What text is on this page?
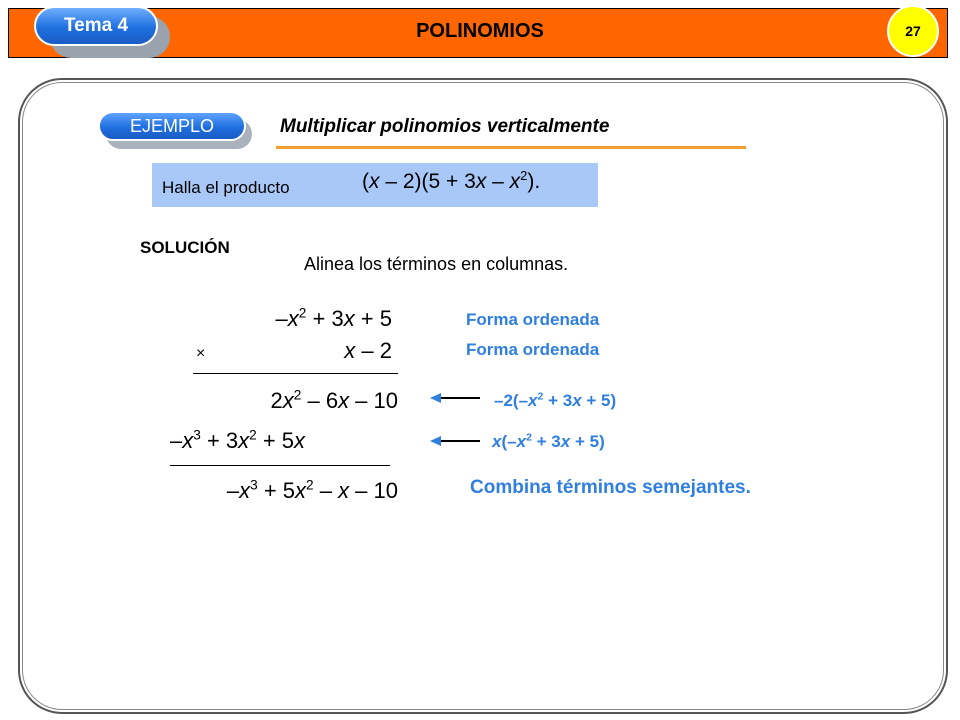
Tema 4	POLINOMIOS	27
EJEMPLO	Multiplicar polinomios verticalmente
Halla el producto	$(x - 2)(5 + 3x - x^2)$.
SOLUCIÓN
Alinea los términos en columnas.
$-x^2 + 3x + 5$
×	x – 2
$2x^2 - 6x - 10$
$-x^3 + 3x^2 + 5x$
$-x^3 + 5x^2 - x - 10$
Forma ordenada
Forma ordenada
$-2(-x^2 + 3x + 5)$
$x(-x^2 + 3x + 5)$
Combina términos semejantes.
